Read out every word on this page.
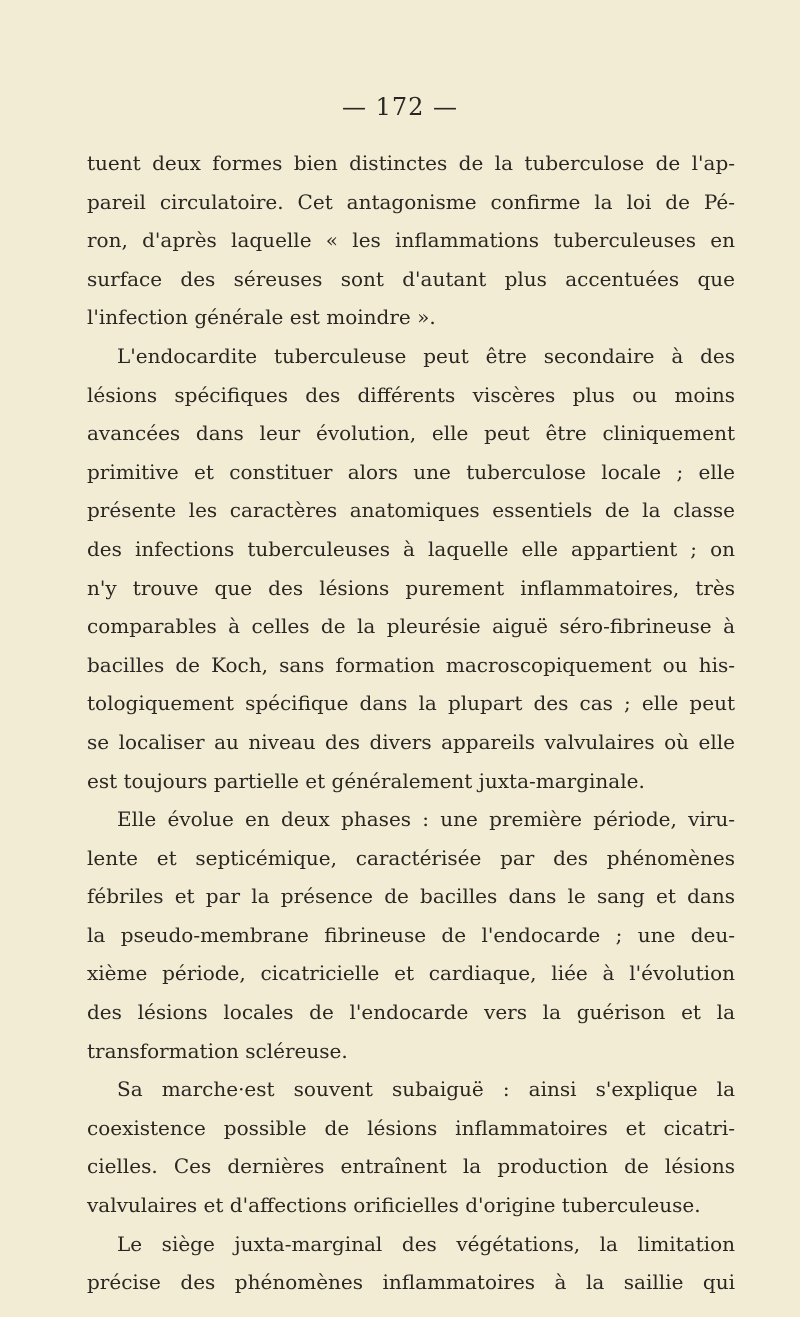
— 172 —
tuent deux formes bien distinctes de la tuberculose de l'ap-
pareil circulatoire. Cet antagonisme confirme la loi de Pé-
ron, d'après laquelle « les inflammations tuberculeuses en
surface des séreuses sont d'autant plus accentuées que
l'infection générale est moindre ».
L'endocardite tuberculeuse peut être secondaire à des
lésions spécifiques des différents viscères plus ou moins
avancées dans leur évolution, elle peut être cliniquement
primitive et constituer alors une tuberculose locale ; elle
présente les caractères anatomiques essentiels de la classe
des infections tuberculeuses à laquelle elle appartient ; on
n'y trouve que des lésions purement inflammatoires, très
comparables à celles de la pleurésie aiguë séro-fibrineuse à
bacilles de Koch, sans formation macroscopiquement ou his-
tologiquement spécifique dans la plupart des cas ; elle peut
se localiser au niveau des divers appareils valvulaires où elle
est toujours partielle et généralement juxta-marginale.
Elle évolue en deux phases : une première période, viru-
lente et septicémique, caractérisée par des phénomènes
fébriles et par la présence de bacilles dans le sang et dans
la pseudo-membrane fibrineuse de l'endocarde ; une deu-
xième période, cicatricielle et cardiaque, liée à l'évolution
des lésions locales de l'endocarde vers la guérison et la
transformation scléreuse.
Sa marche·est souvent subaiguë : ainsi s'explique la
coexistence possible de lésions inflammatoires et cicatri-
cielles. Ces dernières entraînent la production de lésions
valvulaires et d'affections orificielles d'origine tuberculeuse.
Le siège juxta-marginal des végétations, la limitation
précise des phénomènes inflammatoires à la saillie qui
